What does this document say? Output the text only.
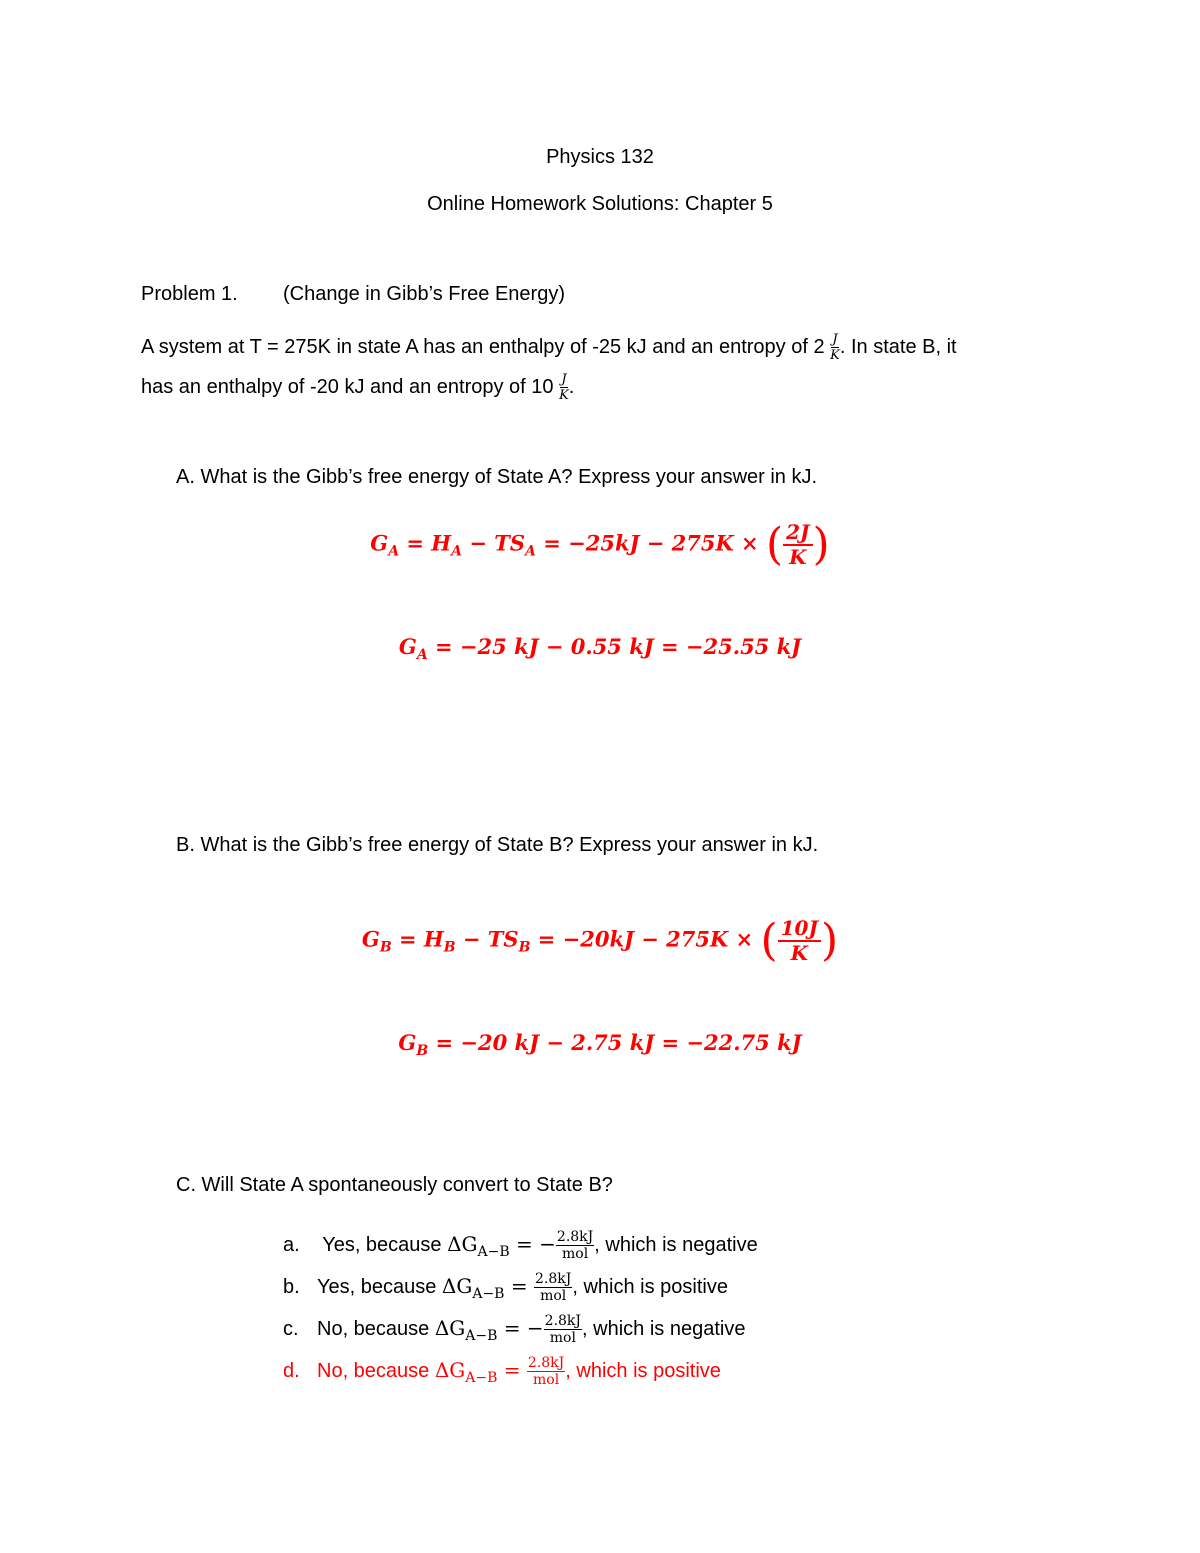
Physics 132
Online Homework Solutions: Chapter 5
Problem 1. (Change in Gibb’s Free Energy)
A system at T = 275K in state A has an enthalpy of -25 kJ and an entropy of $2 \frac{J}{K}$ . In state B, it
has an enthalpy of -20 kJ and an entropy of $10 \frac{J}{K}$ .
A. What is the Gibb’s free energy of State A? Express your answer in kJ.
$G_A = H_A - TS_A = -25kJ - 275K$ × ( $\frac{2J}{K}$ )
$G_A = -25$ kJ − 0.55 kJ = −25.55 kJ
B. What is the Gibb’s free energy of State B? Express your answer in kJ.
$G_B = H_B - TS_B = -20kJ - 275K$ × ( $\frac{10J}{K}$ )
$G_B = -20$ kJ − 2.75 kJ = −22.75 kJ
C. Will State A spontaneously convert to State B?
a. Yes, because $\Delta G_{A-B}$ = − $\frac{2.8kJ}{\text{mol}}$ , which is negative
b. Yes, because $\Delta G_{A-B} = \frac{2.8kJ}{\text{mol}}$ , which is positive
c. No, because $\Delta G_{A-B}$ = − $\frac{2.8kJ}{\text{mol}}$ , which is negative
d. No, because $\Delta G_{A-B} = \frac{2.8kJ}{\text{mol}}$ , which is positive
